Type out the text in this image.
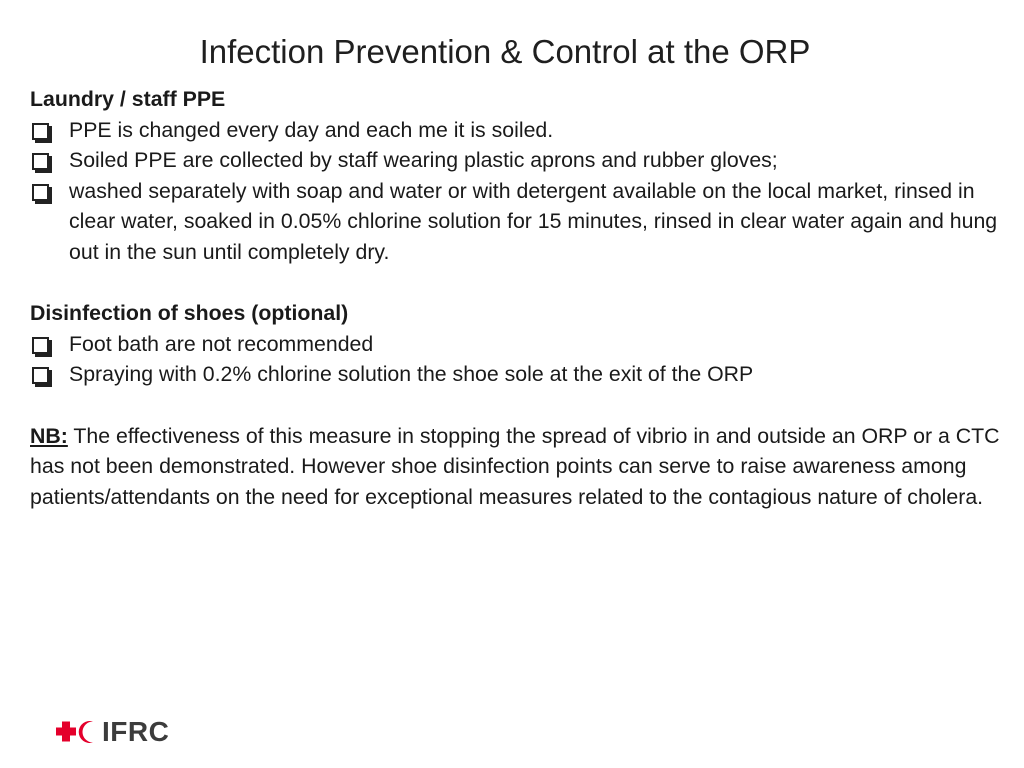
Infection Prevention & Control at the ORP

Laundry / staff PPE

PPE is changed every day and each me it is soiled.
Soiled PPE are collected by staff wearing plastic aprons and rubber gloves;
washed separately with soap and water or with detergent available on the local market, rinsed in clear water, soaked in 0.05% chlorine solution for 15 minutes, rinsed in clear water again and hung out in the sun until completely dry.

Disinfection of shoes (optional)

Foot bath are not recommended
Spraying with 0.2% chlorine solution the shoe sole at the exit of the ORP

NB: The effectiveness of this measure in stopping the spread of vibrio in and outside an ORP or a CTC has not been demonstrated. However shoe disinfection points can serve to raise awareness among patients/attendants on the need for exceptional measures related to the contagious nature of cholera.

IFRC
